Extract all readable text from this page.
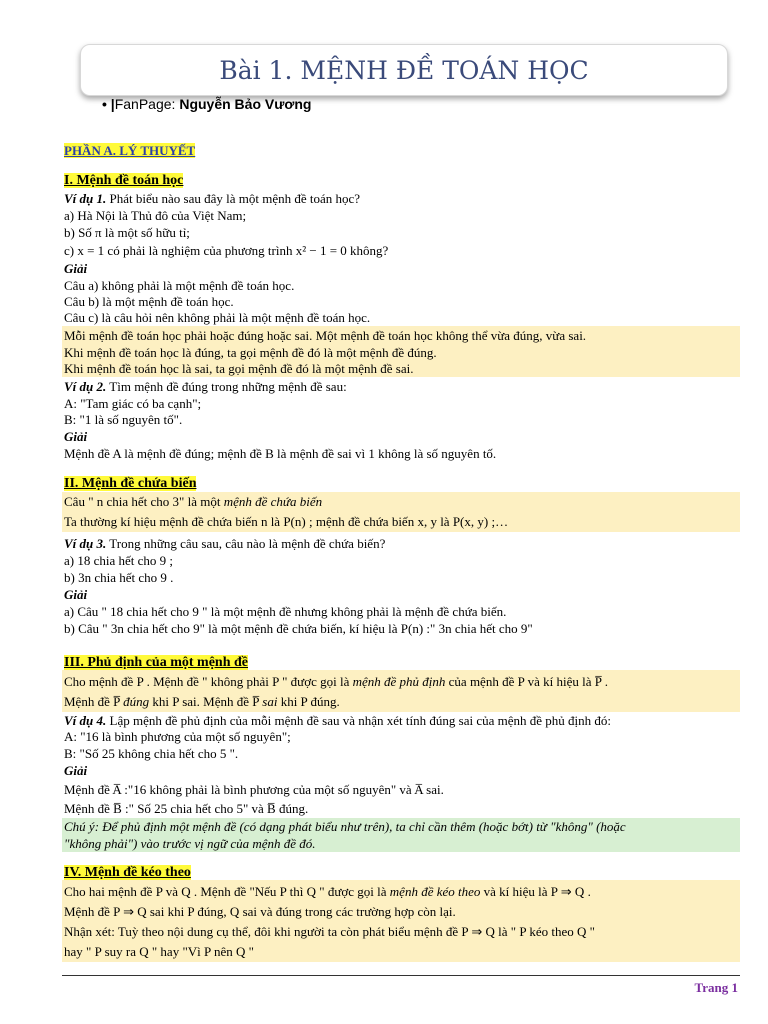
Bài 1. MỆNH ĐỀ TOÁN HỌC
• |FanPage: Nguyễn Bảo Vương
PHẦN A. LÝ THUYẾT
I. Mệnh đề toán học
Ví dụ 1. Phát biểu nào sau đây là một mệnh đề toán học?
a) Hà Nội là Thủ đô của Việt Nam;
b) Số π là một số hữu tỉ;
c) x = 1 có phải là nghiệm của phương trình x² − 1 = 0 không?
Giải
Câu a) không phải là một mệnh đề toán học.
Câu b) là một mệnh đề toán học.
Câu c) là câu hỏi nên không phải là một mệnh đề toán học.
Mỗi mệnh đề toán học phải hoặc đúng hoặc sai. Một mệnh đề toán học không thể vừa đúng, vừa sai.
Khi mệnh đề toán học là đúng, ta gọi mệnh đề đó là một mệnh đề đúng.
Khi mệnh đề toán học là sai, ta gọi mệnh đề đó là một mệnh đề sai.
Ví dụ 2. Tìm mệnh đề đúng trong những mệnh đề sau:
A: "Tam giác có ba cạnh";
B: "1 là số nguyên tố".
Giải
Mệnh đề A là mệnh đề đúng; mệnh đề B là mệnh đề sai vì 1 không là số nguyên tố.
II. Mệnh đề chứa biến
Câu " n chia hết cho 3" là một mệnh đề chứa biến
Ta thường kí hiệu mệnh đề chứa biến n là P(n) ; mệnh đề chứa biến x, y là P(x, y) ;…
Ví dụ 3. Trong những câu sau, câu nào là mệnh đề chứa biến?
a) 18 chia hết cho 9 ;
b) 3n chia hết cho 9 .
Giải
a) Câu " 18 chia hết cho 9 " là một mệnh đề nhưng không phải là mệnh đề chứa biến.
b) Câu " 3n chia hết cho 9" là một mệnh đề chứa biến, kí hiệu là P(n) :" 3n chia hết cho 9"
III. Phủ định của một mệnh đề
Cho mệnh đề P . Mệnh đề " không phải P " được gọi là mệnh đề phủ định của mệnh đề P và kí hiệu là P̅ .
Mệnh đề P̅ đúng khi P sai. Mệnh đề P̅ sai khi P đúng.
Ví dụ 4. Lập mệnh đề phủ định của mỗi mệnh đề sau và nhận xét tính đúng sai của mệnh đề phủ định đó:
A: "16 là bình phương của một số nguyên";
B: "Số 25 không chia hết cho 5 ".
Giải
Mệnh đề A̅ :"16 không phải là bình phương của một số nguyên" và A̅ sai.
Mệnh đề B̅ :" Số 25 chia hết cho 5" và B̅ đúng.
Chú ý: Để phủ định một mệnh đề (có dạng phát biểu như trên), ta chỉ cần thêm (hoặc bớt) từ "không" (hoặc
"không phải") vào trước vị ngữ của mệnh đề đó.
IV. Mệnh đề kéo theo
Cho hai mệnh đề P và Q . Mệnh đề "Nếu P thì Q " được gọi là mệnh đề kéo theo và kí hiệu là P ⇒ Q .
Mệnh đề P ⇒ Q sai khi P đúng, Q sai và đúng trong các trường hợp còn lại.
Nhận xét: Tuỳ theo nội dung cụ thể, đôi khi người ta còn phát biểu mệnh đề P ⇒ Q là " P kéo theo Q "
hay " P suy ra Q " hay "Vì P nên Q "
Trang 1
